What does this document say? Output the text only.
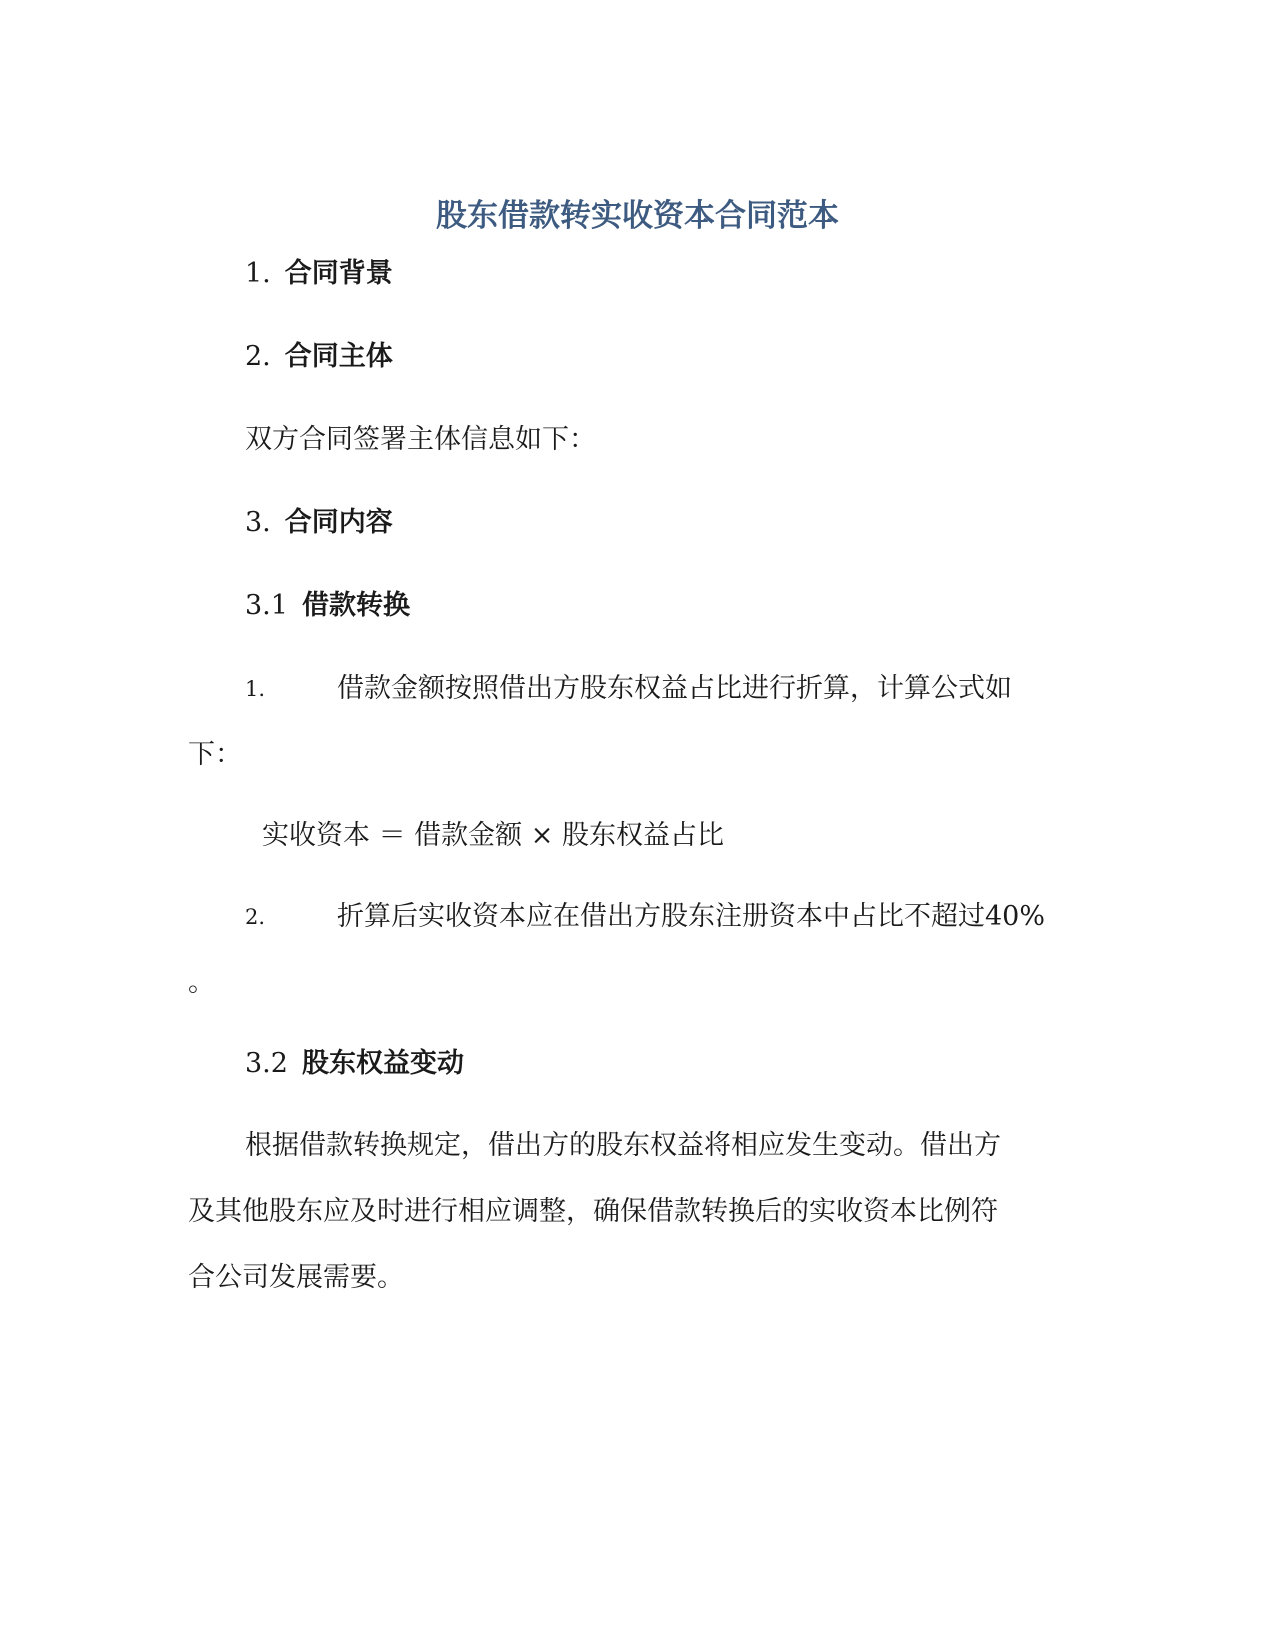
股东借款转实收资本合同范本
1. 合同背景
2. 合同主体
双方合同签署主体信息如下：
3. 合同内容
3.1 借款转换
1.	借款金额按照借出方股东权益占比进行折算，计算公式如
下：
实收资本 ＝ 借款金额 × 股东权益占比
2.	折算后实收资本应在借出方股东注册资本中占比不超过40%
。
3.2 股东权益变动
根据借款转换规定，借出方的股东权益将相应发生变动。借出方
及其他股东应及时进行相应调整，确保借款转换后的实收资本比例符
合公司发展需要。
